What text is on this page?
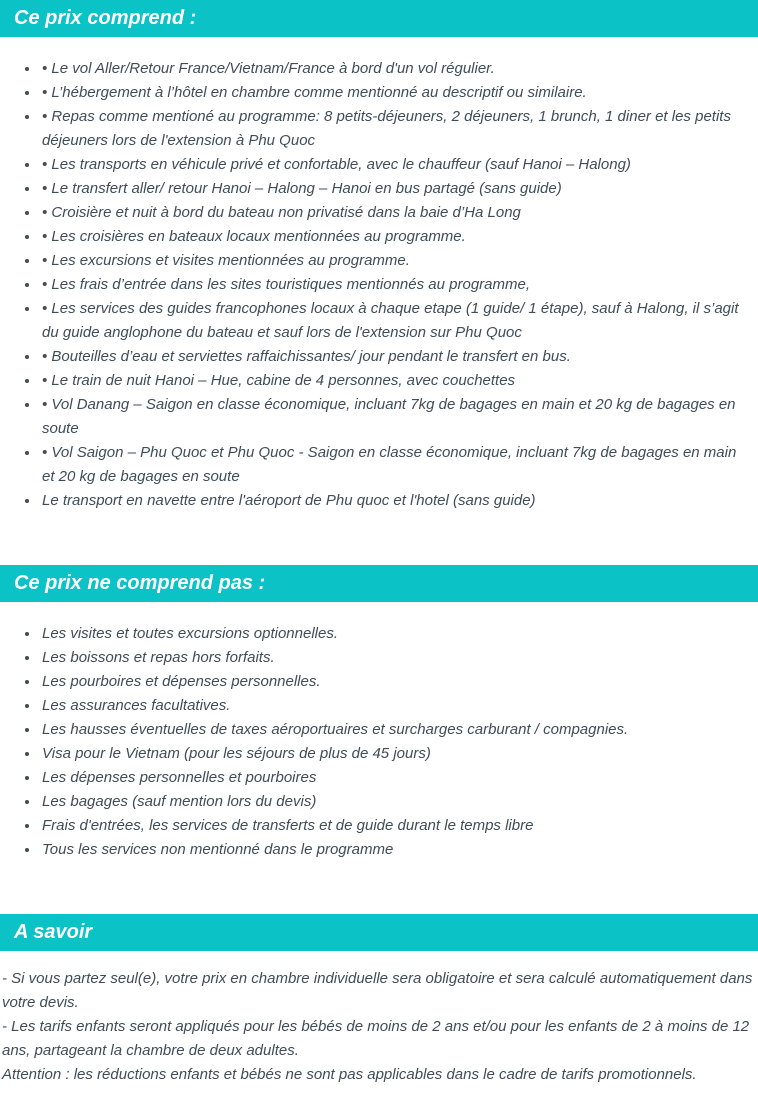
Ce prix comprend :
• • Le vol Aller/Retour France/Vietnam/France à bord d'un vol régulier.
• • L’hébergement à l’hôtel en chambre comme mentionné au descriptif ou similaire.
• • Repas comme mentioné au programme: 8 petits-déjeuners, 2 déjeuners, 1 brunch, 1 diner et les petits déjeuners lors de l'extension à Phu Quoc
• • Les transports en véhicule privé et confortable, avec le chauffeur (sauf Hanoi – Halong)
• • Le transfert aller/ retour Hanoi – Halong – Hanoi en bus partagé (sans guide)
• • Croisière et nuit à bord du bateau non privatisé dans la baie d’Ha Long
• • Les croisières en bateaux locaux mentionnées au programme.
• • Les excursions et visites mentionnées au programme.
• • Les frais d’entrée dans les sites touristiques mentionnés au programme,
• • Les services des guides francophones locaux à chaque etape (1 guide/ 1 étape), sauf à Halong, il s’agit du guide anglophone du bateau et sauf lors de l'extension sur Phu Quoc
• • Bouteilles d’eau et serviettes raffaichissantes/ jour pendant le transfert en bus.
• • Le train de nuit Hanoi – Hue, cabine de 4 personnes, avec couchettes
• • Vol Danang – Saigon en classe économique, incluant 7kg de bagages en main et 20 kg de bagages en soute
• • Vol Saigon – Phu Quoc et Phu Quoc - Saigon en classe économique, incluant 7kg de bagages en main et 20 kg de bagages en soute
• Le transport en navette entre l'aéroport de Phu quoc et l'hotel (sans guide)
Ce prix ne comprend pas :
• Les visites et toutes excursions optionnelles.
• Les boissons et repas hors forfaits.
• Les pourboires et dépenses personnelles.
• Les assurances facultatives.
• Les hausses éventuelles de taxes aéroportuaires et surcharges carburant / compagnies.
• Visa pour le Vietnam (pour les séjours de plus de 45 jours)
• Les dépenses personnelles et pourboires
• Les bagages (sauf mention lors du devis)
• Frais d'entrées, les services de transferts et de guide durant le temps libre
• Tous les services non mentionné dans le programme
A savoir

- Si vous partez seul(e), votre prix en chambre individuelle sera obligatoire et sera calculé automatiquement dans votre devis.

- Les tarifs enfants seront appliqués pour les bébés de moins de 2 ans et/ou pour les enfants de 2 à moins de 12 ans, partageant la chambre de deux adultes.

Attention : les réductions enfants et bébés ne sont pas applicables dans le cadre de tarifs promotionnels.
